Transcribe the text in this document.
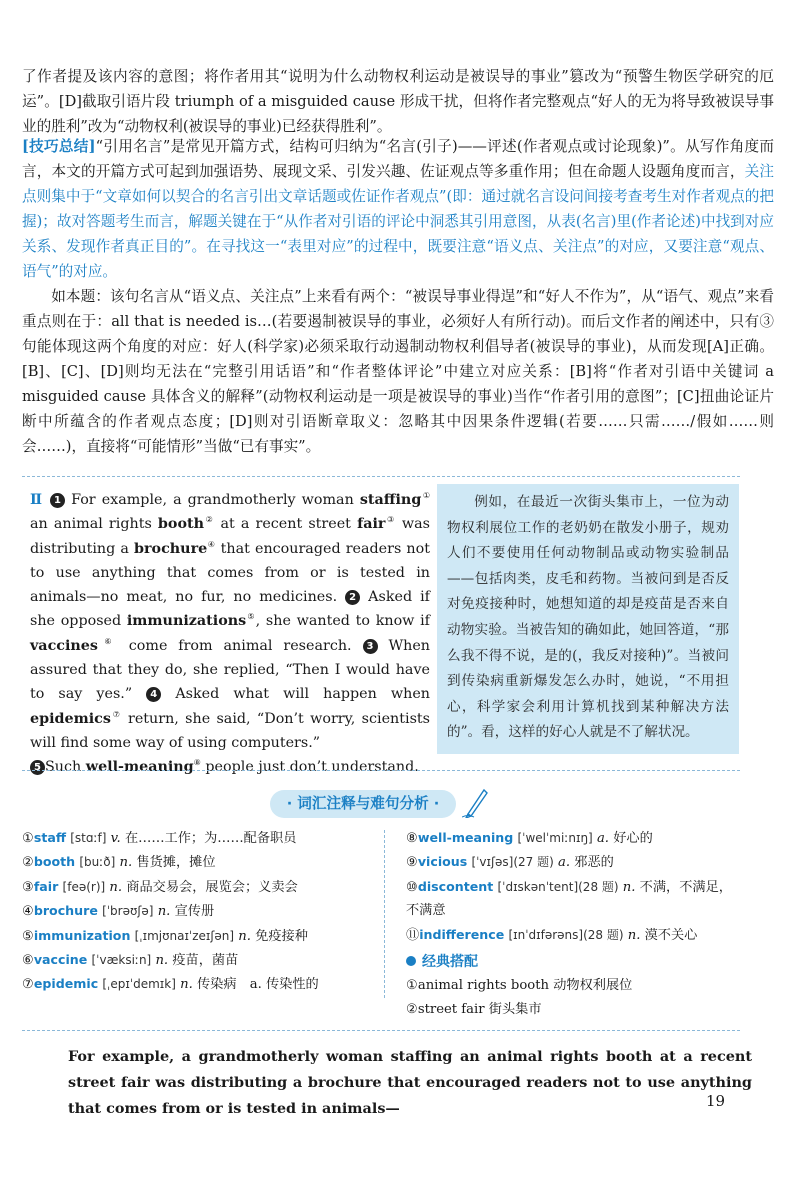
了作者提及该内容的意图；将作者用其“说明为什么动物权利运动是被误导的事业”篡改为“预警生物医学研究的厄运”。[D]截取引语片段 triumph of a misguided cause 形成干扰，但将作者完整观点“好人的无为将导致被误导事业的胜利”改为“动物权利(被误导的事业)已经获得胜利”。
[技巧总结]“引用名言”是常见开篇方式，结构可归纳为“名言(引子)——评述(作者观点或讨论现象)”。从写作角度而言，本文的开篇方式可起到加强语势、展现文采、引发兴趣、佐证观点等多重作用；但在命题人设题角度而言，关注点则集中于“文章如何以契合的名言引出文章话题或佐证作者观点”(即：通过就名言设问间接考查考生对作者观点的把握)；故对答题考生而言，解题关键在于“从作者对引语的评论中洞悉其引用意图，从表(名言)里(作者论述)中找到对应关系、发现作者真正目的”。在寻找这一“表里对应”的过程中，既要注意“语义点、关注点”的对应，又要注意“观点、语气”的对应。
如本题：该句名言从“语义点、关注点”上来看有两个：“被误导事业得逞”和“好人不作为”，从“语气、观点”来看重点则在于：all that is needed is…(若要遏制被误导的事业，必须好人有所行动)。而后文作者的阐述中，只有③句能体现这两个角度的对应：好人(科学家)必须采取行动遏制动物权利倡导者(被误导的事业)，从而发现[A]正确。[B]、[C]、[D]则均无法在“完整引用话语”和“作者整体评论”中建立对应关系：[B]将“作者对引语中关键词 a misguided cause 具体含义的解释”(动物权利运动是一项是被误导的事业)当作“作者引用的意图”；[C]扭曲论证片断中所蕴含的作者观点态度；[D]则对引语断章取义：忽略其中因果条件逻辑(若要……只需……/假如……则会……)，直接将“可能情形”当做“已有事实”。
Ⅱ 1 For example, a grandmotherly woman staffing① an animal rights booth② at a recent street fair③ was distributing a brochure④ that encouraged readers not to use anything that comes from or is tested in animals—no meat, no fur, no medicines. 2 Asked if she opposed immunizations⑤, she wanted to know if vaccines⑥ come from animal research. 3 When assured that they do, she replied, “Then I would have to say yes.” 4 Asked what will happen when epidemics⑦ return, she said, “Don’t worry, scientists will find some way of using computers.”
5 Such well-meaning⑧ people just don’t understand.
例如，在最近一次街头集市上，一位为动物权利展位工作的老奶奶在散发小册子，规劝人们不要使用任何动物制品或动物实验制品——包括肉类，皮毛和药物。当被问到是否反对免疫接种时，她想知道的却是疫苗是否来自动物实验。当被告知的确如此，她回答道，“那么我不得不说，是的(，我反对接种)”。当被问到传染病重新爆发怎么办时，她说，“不用担心，科学家会利用计算机找到某种解决方法的”。看，这样的好心人就是不了解状况。
· 词汇注释与难句分析 ·
①staff [stɑːf] v. 在……工作；为……配备职员
②booth [buːð] n. 售货摊，摊位
③fair [feə(r)] n. 商品交易会，展览会；义卖会
④brochure [ˈbrəʊʃə] n. 宣传册
⑤immunization [ˌɪmjʊnaɪˈzeɪʃən] n. 免疫接种
⑥vaccine [ˈvæksiːn] n. 疫苗，菌苗
⑦epidemic [ˌepɪˈdemɪk] n. 传染病　a. 传染性的
⑧well-meaning [ˈwelˈmiːnɪŋ] a. 好心的
⑨vicious [ˈvɪʃəs](27 题) a. 邪恶的
⑩discontent [ˈdɪskənˈtent](28 题) n. 不满，不满足，不满意
⑪indifference [ɪnˈdɪfərəns](28 题) n. 漠不关心
经典搭配
①animal rights booth 动物权利展位
②street fair 街头集市
For example, a grandmotherly woman staffing an animal rights booth at a recent street fair was distributing a brochure that encouraged readers not to use anything that comes from or is tested in animals—	19
